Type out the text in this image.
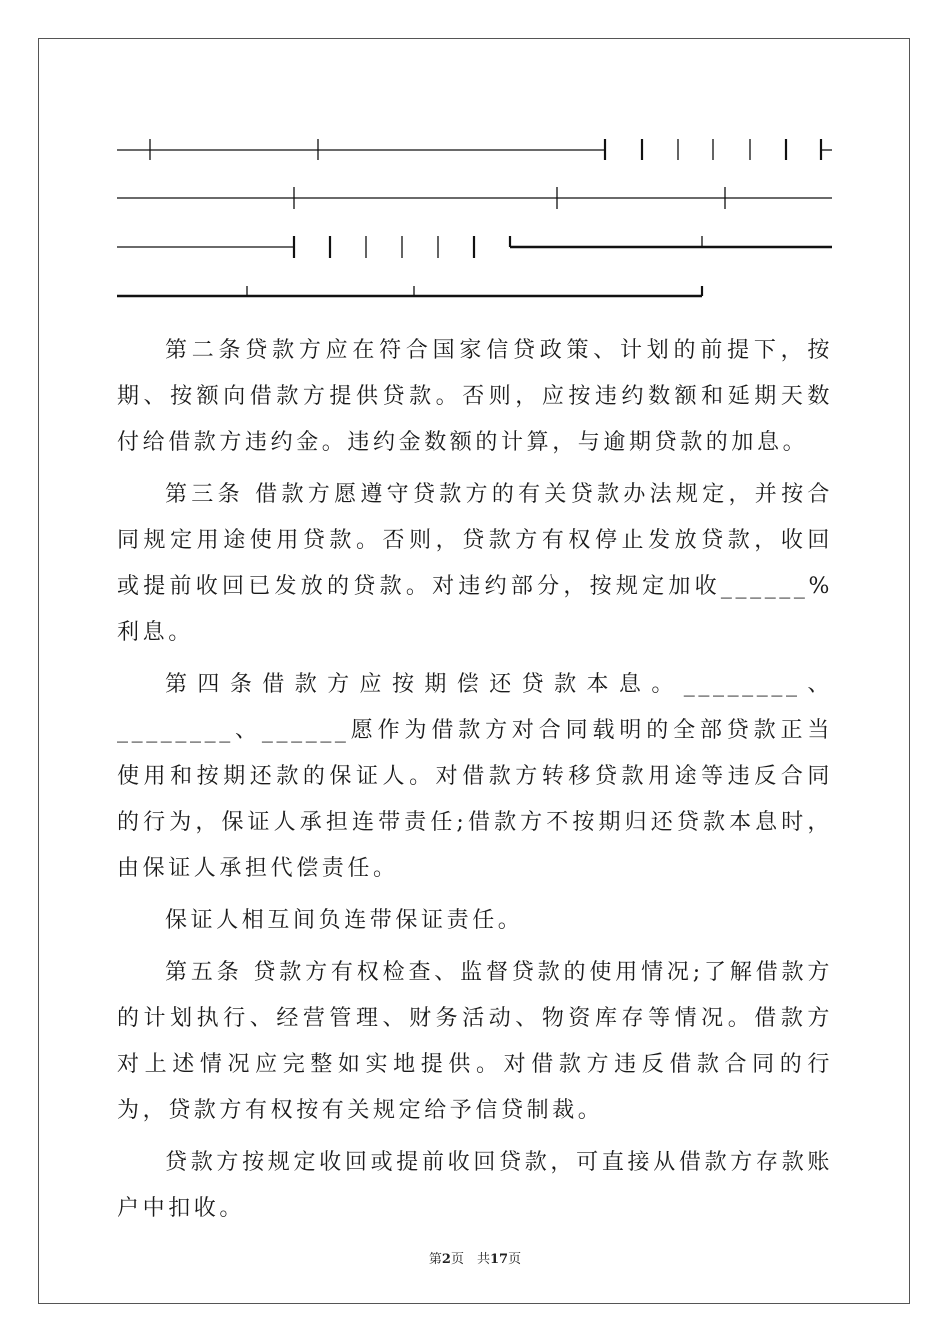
第二条贷款方应在符合国家信贷政策、计划的前提下，按期、按额向借款方提供贷款。否则，应按违约数额和延期天数付给借款方违约金。违约金数额的计算，与逾期贷款的加息。

第三条 借款方愿遵守贷款方的有关贷款办法规定，并按合同规定用途使用贷款。否则，贷款方有权停止发放贷款，收回或提前收回已发放的贷款。对违约部分，按规定加收______%利息。

第四条借款方应按期偿还贷款本息。________、________、______愿作为借款方对合同载明的全部贷款正当使用和按期还款的保证人。对借款方转移贷款用途等违反合同的行为，保证人承担连带责任;借款方不按期归还贷款本息时，由保证人承担代偿责任。

保证人相互间负连带保证责任。

第五条 贷款方有权检查、监督贷款的使用情况;了解借款方的计划执行、经营管理、财务活动、物资库存等情况。借款方对上述情况应完整如实地提供。对借款方违反借款合同的行为，贷款方有权按有关规定给予信贷制裁。

贷款方按规定收回或提前收回贷款，可直接从借款方存款账户中扣收。

第2页　共17页
